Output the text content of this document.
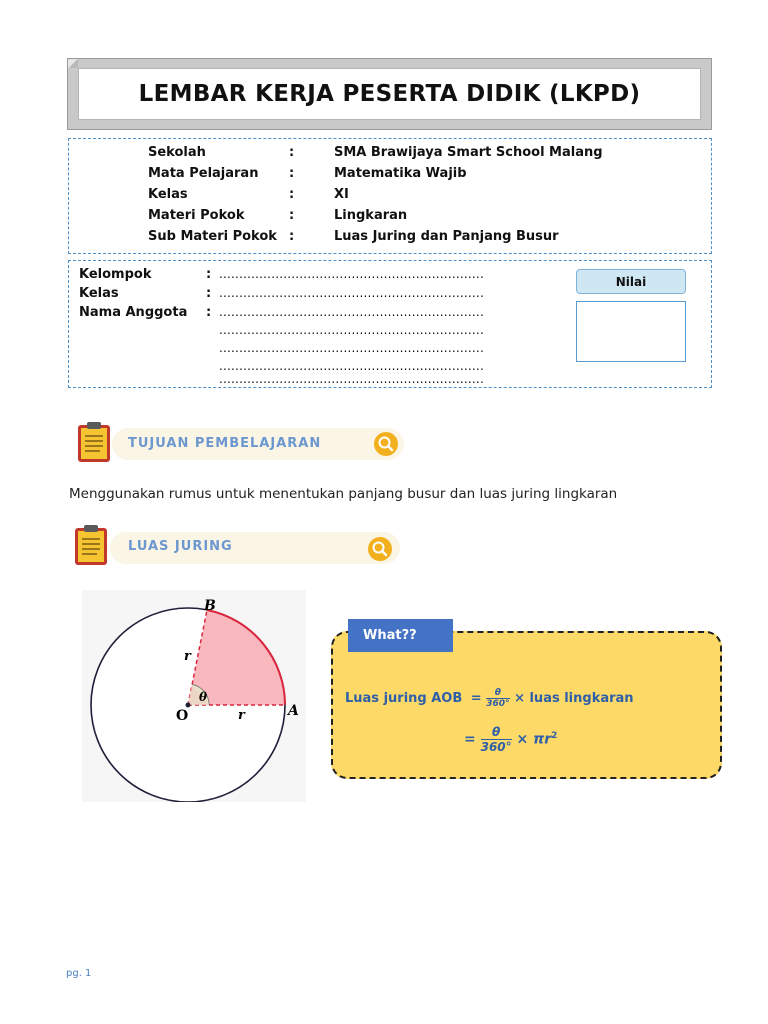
LEMBAR KERJA PESERTA DIDIK (LKPD)
Sekolah	:	SMA Brawijaya Smart School Malang
Mata Pelajaran :	Matematika Wajib
Kelas	:	XI
Materi Pokok	:	Lingkaran
Sub Materi Pokok :	Luas Juring dan Panjang Busur
Kelompok	: ..................................................................
Kelas	: ..................................................................
Nama Anggota : ..................................................................
..................................................................
..................................................................
..................................................................
..................................................................
Nilai
TUJUAN PEMBELAJARAN
Menggunakan rumus untuk menentukan panjang busur dan luas juring lingkaran
LUAS JURING
θ
B
O	A
r
r
Luas juring AOB = $\frac{\theta}{360^\circ}$ × luas lingkaran
= $\frac{\theta}{360^\circ} \times \pi r^2$
What??
pg. 1
